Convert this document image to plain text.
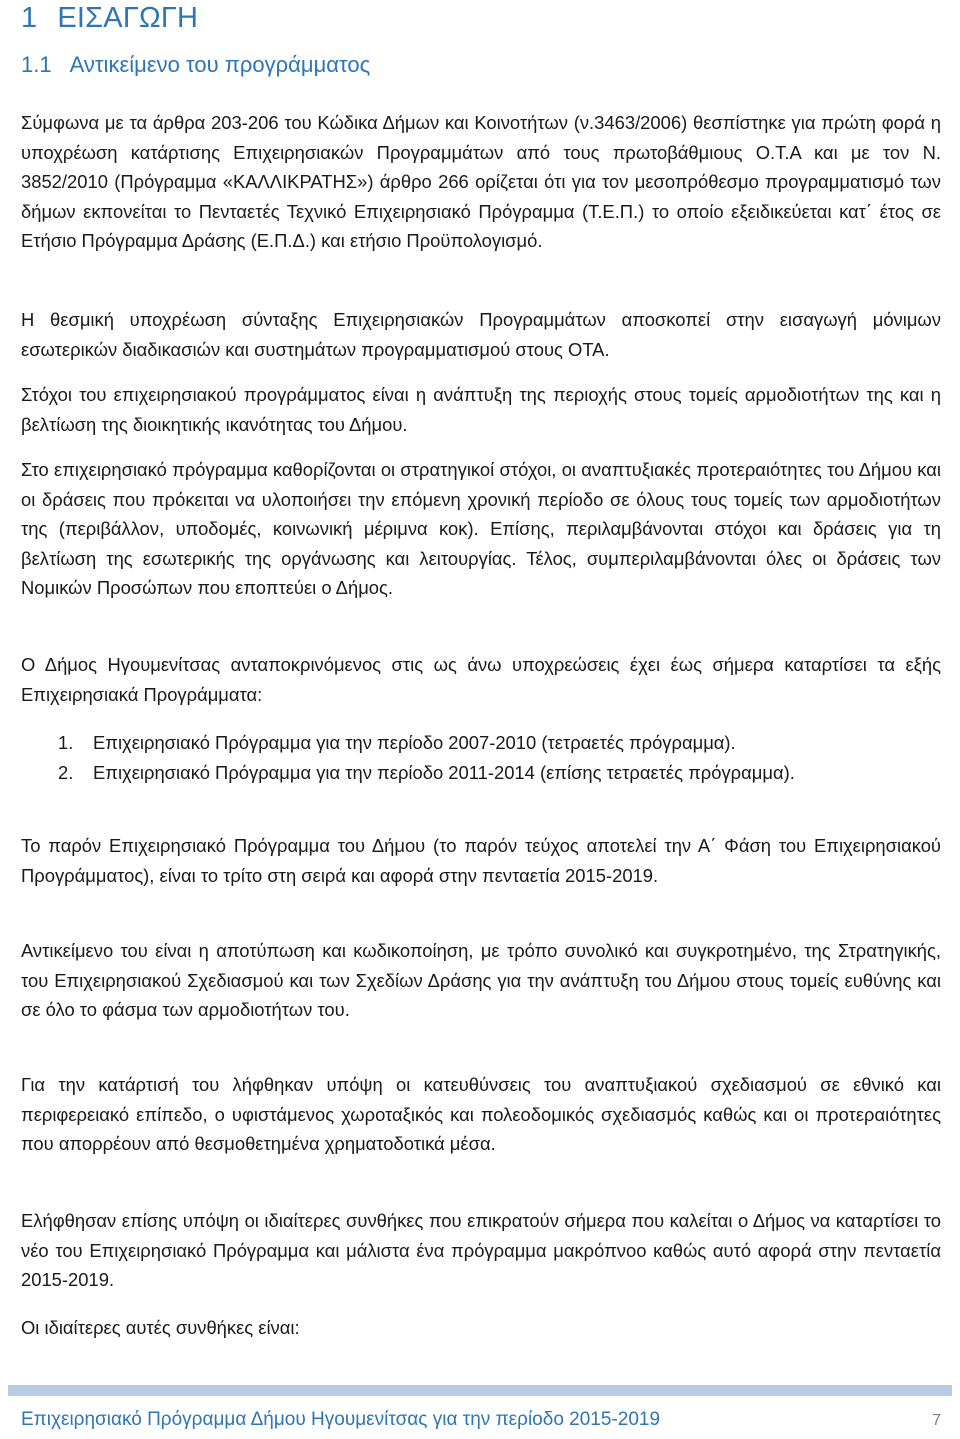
1 ΕΙΣΑΓΩΓΗ
1.1 Αντικείμενο του προγράμματος

Σύμφωνα με τα άρθρα 203-206 του Κώδικα Δήμων και Κοινοτήτων (ν.3463/2006) θεσπίστηκε για πρώτη φορά η υποχρέωση κατάρτισης Επιχειρησιακών Προγραμμάτων από τους πρωτοβάθμιους Ο.Τ.Α και με τον Ν. 3852/2010 (Πρόγραμμα «ΚΑΛΛΙΚΡΑΤΗΣ») άρθρο 266 ορίζεται ότι για τον μεσοπρόθεσμο προγραμματισμό των δήμων εκπονείται το Πενταετές Τεχνικό Επιχειρησιακό Πρόγραμμα (Τ.Ε.Π.) το οποίο εξειδικεύεται κατ΄ έτος σε Ετήσιο Πρόγραμμα Δράσης (Ε.Π.Δ.) και ετήσιο Προϋπολογισμό.

Η θεσμική υποχρέωση σύνταξης Επιχειρησιακών Προγραμμάτων αποσκοπεί στην εισαγωγή μόνιμων εσωτερικών διαδικασιών και συστημάτων προγραμματισμού στους ΟΤΑ.

Στόχοι του επιχειρησιακού προγράμματος είναι η ανάπτυξη της περιοχής στους τομείς αρμοδιοτήτων της και η βελτίωση της διοικητικής ικανότητας του Δήμου.

Στο επιχειρησιακό πρόγραμμα καθορίζονται οι στρατηγικοί στόχοι, οι αναπτυξιακές προτεραιότητες του Δήμου και οι δράσεις που πρόκειται να υλοποιήσει την επόμενη χρονική περίοδο σε όλους τους τομείς των αρμοδιοτήτων της (περιβάλλον, υποδομές, κοινωνική μέριμνα κοκ). Επίσης, περιλαμβάνονται στόχοι και δράσεις για τη βελτίωση της εσωτερικής της οργάνωσης και λειτουργίας. Τέλος, συμπεριλαμβάνονται όλες οι δράσεις των Νομικών Προσώπων που εποπτεύει ο Δήμος.

Ο Δήμος Ηγουμενίτσας ανταποκρινόμενος στις ως άνω υποχρεώσεις έχει έως σήμερα καταρτίσει τα εξής Επιχειρησιακά Προγράμματα:

1. Επιχειρησιακό Πρόγραμμα για την περίοδο 2007-2010 (τετραετές πρόγραμμα).
2. Επιχειρησιακό Πρόγραμμα για την περίοδο 2011-2014 (επίσης τετραετές πρόγραμμα).

Το παρόν Επιχειρησιακό Πρόγραμμα του Δήμου (το παρόν τεύχος αποτελεί την Α΄ Φάση του Επιχειρησιακού Προγράμματος), είναι το τρίτο στη σειρά και αφορά στην πενταετία 2015-2019.

Αντικείμενο του είναι η αποτύπωση και κωδικοποίηση, με τρόπο συνολικό και συγκροτημένο, της Στρατηγικής, του Επιχειρησιακού Σχεδιασμού και των Σχεδίων Δράσης για την ανάπτυξη του Δήμου στους τομείς ευθύνης και σε όλο το φάσμα των αρμοδιοτήτων του.

Για την κατάρτισή του λήφθηκαν υπόψη οι κατευθύνσεις του αναπτυξιακού σχεδιασμού σε εθνικό και περιφερειακό επίπεδο, ο υφιστάμενος χωροταξικός και πολεοδομικός σχεδιασμός καθώς και οι προτεραιότητες που απορρέουν από θεσμοθετημένα χρηματοδοτικά μέσα.

Ελήφθησαν επίσης υπόψη οι ιδιαίτερες συνθήκες που επικρατούν σήμερα που καλείται ο Δήμος να καταρτίσει το νέο του Επιχειρησιακό Πρόγραμμα και μάλιστα ένα πρόγραμμα μακρόπνοο καθώς αυτό αφορά στην πενταετία 2015-2019.

Οι ιδιαίτερες αυτές συνθήκες είναι:

Επιχειρησιακό Πρόγραμμα Δήμου Ηγουμενίτσας για την περίοδο 2015-2019	7
